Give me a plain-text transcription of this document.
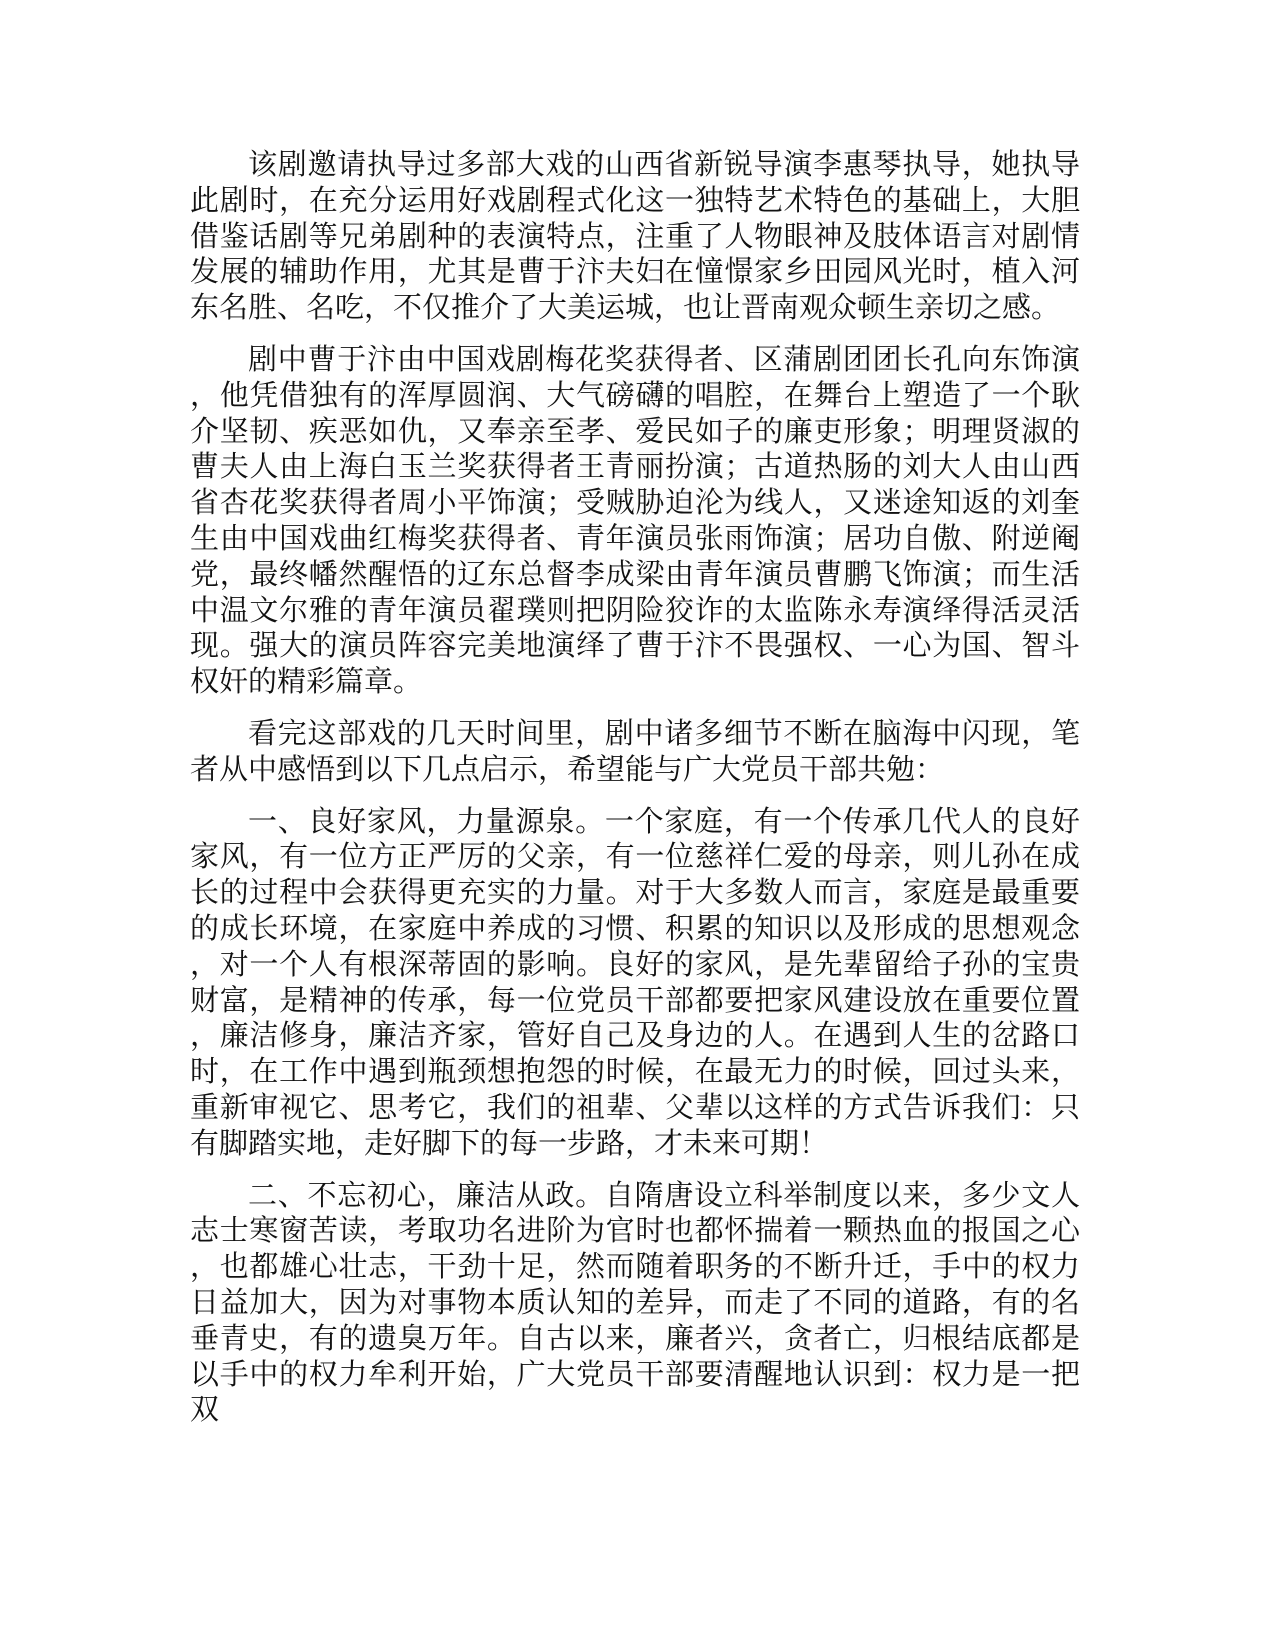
该剧邀请执导过多部大戏的山西省新锐导演李惠琴执导，她执导此剧时，在充分运用好戏剧程式化这一独特艺术特色的基础上，大胆借鉴话剧等兄弟剧种的表演特点，注重了人物眼神及肢体语言对剧情发展的辅助作用，尤其是曹于汴夫妇在憧憬家乡田园风光时，植入河东名胜、名吃，不仅推介了大美运城，也让晋南观众顿生亲切之感。

剧中曹于汴由中国戏剧梅花奖获得者、区蒲剧团团长孔向东饰演，他凭借独有的浑厚圆润、大气磅礴的唱腔，在舞台上塑造了一个耿介坚韧、疾恶如仇，又奉亲至孝、爱民如子的廉吏形象；明理贤淑的曹夫人由上海白玉兰奖获得者王青丽扮演；古道热肠的刘大人由山西省杏花奖获得者周小平饰演；受贼胁迫沦为线人，又迷途知返的刘奎生由中国戏曲红梅奖获得者、青年演员张雨饰演；居功自傲、附逆阉党，最终幡然醒悟的辽东总督李成梁由青年演员曹鹏飞饰演；而生活中温文尔雅的青年演员翟璞则把阴险狡诈的太监陈永寿演绎得活灵活现。强大的演员阵容完美地演绎了曹于汴不畏强权、一心为国、智斗权奸的精彩篇章。

看完这部戏的几天时间里，剧中诸多细节不断在脑海中闪现，笔者从中感悟到以下几点启示，希望能与广大党员干部共勉：

一、良好家风，力量源泉。一个家庭，有一个传承几代人的良好家风，有一位方正严厉的父亲，有一位慈祥仁爱的母亲，则儿孙在成长的过程中会获得更充实的力量。对于大多数人而言，家庭是最重要的成长环境，在家庭中养成的习惯、积累的知识以及形成的思想观念，对一个人有根深蒂固的影响。良好的家风，是先辈留给子孙的宝贵财富，是精神的传承，每一位党员干部都要把家风建设放在重要位置，廉洁修身，廉洁齐家，管好自己及身边的人。在遇到人生的岔路口时，在工作中遇到瓶颈想抱怨的时候，在最无力的时候，回过头来，重新审视它、思考它，我们的祖辈、父辈以这样的方式告诉我们：只有脚踏实地，走好脚下的每一步路，才未来可期！

二、不忘初心，廉洁从政。自隋唐设立科举制度以来，多少文人志士寒窗苦读，考取功名进阶为官时也都怀揣着一颗热血的报国之心，也都雄心壮志，干劲十足，然而随着职务的不断升迁，手中的权力日益加大，因为对事物本质认知的差异，而走了不同的道路，有的名垂青史，有的遗臭万年。自古以来，廉者兴，贪者亡，归根结底都是以手中的权力牟利开始，广大党员干部要清醒地认识到：权力是一把双
